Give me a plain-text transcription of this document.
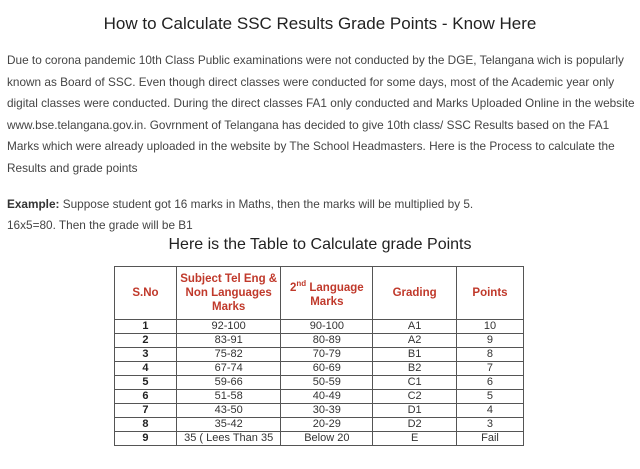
How to Calculate SSC Results Grade Points - Know Here

Due to corona pandemic 10th Class Public examinations were not conducted by the DGE, Telangana wich is popularly known as Board of SSC. Even though direct classes were conducted for some days, most of the Academic year only digital classes were conducted. During the direct classes FA1 only conducted and Marks Uploaded Online in the website www.bse.telangana.gov.in. Govrnment of Telangana has decided to give 10th class/ SSC Results based on the FA1 Marks which were already uploaded in the website by The School Headmasters. Here is the Process to calculate the Results and grade points

Example: Suppose student got 16 marks in Maths, then the marks will be multiplied by 5.
16x5=80. Then the grade will be B1

Here is the Table to Calculate grade Points
S.No	Subject Tel Eng & Non Languages Marks	2nd Language Marks	Grading	Points
1	92-100	90-100	A1	10
2	83-91	80-89	A2	9
3	75-82	70-79	B1	8
4	67-74	60-69	B2	7
5	59-66	50-59	C1	6
6	51-58	40-49	C2	5
7	43-50	30-39	D1	4
8	35-42	20-29	D2	3
9	35 ( Lees Than 35	Below 20	E	Fail
